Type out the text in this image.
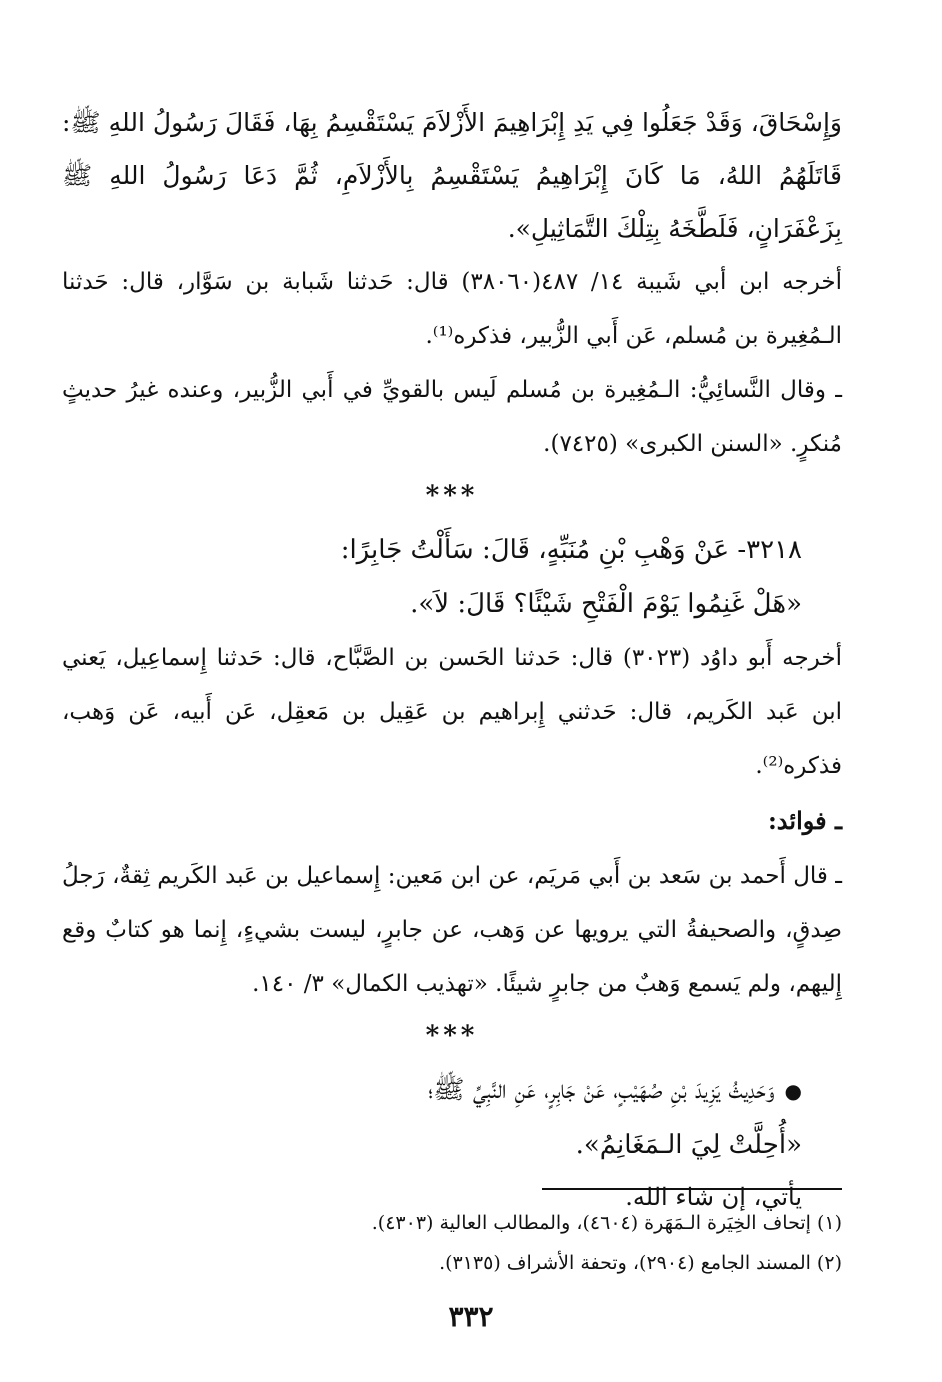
وَإِسْحَاقَ، وَقَدْ جَعَلُوا فِي يَدِ إِبْرَاهِيمَ الأَزْلاَمَ يَسْتَقْسِمُ بِهَا، فَقَالَ رَسُولُ اللهِ ﷺ: قَاتَلَهُمُ اللهُ، مَا كَانَ إِبْرَاهِيمُ يَسْتَقْسِمُ بِالأَزْلاَمِ، ثُمَّ دَعَا رَسُولُ اللهِ ﷺ بِزَعْفَرَانٍ، فَلَطَّخَهُ بِتِلْكَ التَّمَاثِيلِ».

أخرجه ابن أبي شَيبة ١٤/ ٤٨٧(٣٨٠٦٠) قال: حَدثنا شَبابة بن سَوَّار، قال: حَدثنا الـمُغِيرة بن مُسلم، عَن أَبي الزُّبير، فذكره⁽¹⁾.

ـ وقال النَّسائِيُّ: الـمُغِيرة بن مُسلم لَيس بالقويِّ في أَبي الزُّبير، وعنده غيرُ حديثٍ مُنكرٍ. «السنن الكبرى» (٧٤٢٥).

***

٣٢١٨- عَنْ وَهْبِ بْنِ مُنَبِّهٍ، قَالَ: سَأَلْتُ جَابِرًا:

«هَلْ غَنِمُوا يَوْمَ الْفَتْحِ شَيْئًا؟ قَالَ: لاَ».

أخرجه أَبو داوُد (٣٠٢٣) قال: حَدثنا الحَسن بن الصَّبَّاح، قال: حَدثنا إِسماعِيل، يَعني ابن عَبد الكَريم، قال: حَدثني إِبراهيم بن عَقِيل بن مَعقِل، عَن أَبيه، عَن وَهب، فذكره⁽²⁾.

ـ فوائد:

ـ قال أَحمد بن سَعد بن أَبي مَريَم، عن ابن مَعين: إِسماعيل بن عَبد الكَريم ثِقةٌ، رَجلُ صِدقٍ، والصحيفةُ التي يرويها عن وَهب، عن جابرٍ، ليست بشيءٍ، إِنما هو كتابٌ وقع إِليهم، ولم يَسمع وَهبٌ من جابرٍ شيئًا. «تهذيب الكمال» ٣/ ١٤٠.

***

●وَحَدِيثُ يَزِيدَ بْنِ صُهَيْبٍ، عَنْ جَابِرٍ، عَنِ النَّبِيِّ ﷺ؛

«أُحِلَّتْ لِيَ الـمَغَانِمُ».

يأتي، إن شاء الله.

(١) إتحاف الخِيَرة الـمَهَرة (٤٦٠٤)، والمطالب العالية (٤٣٠٣).

(٢) المسند الجامع (٢٩٠٤)، وتحفة الأشراف (٣١٣٥).

٣٣٢
